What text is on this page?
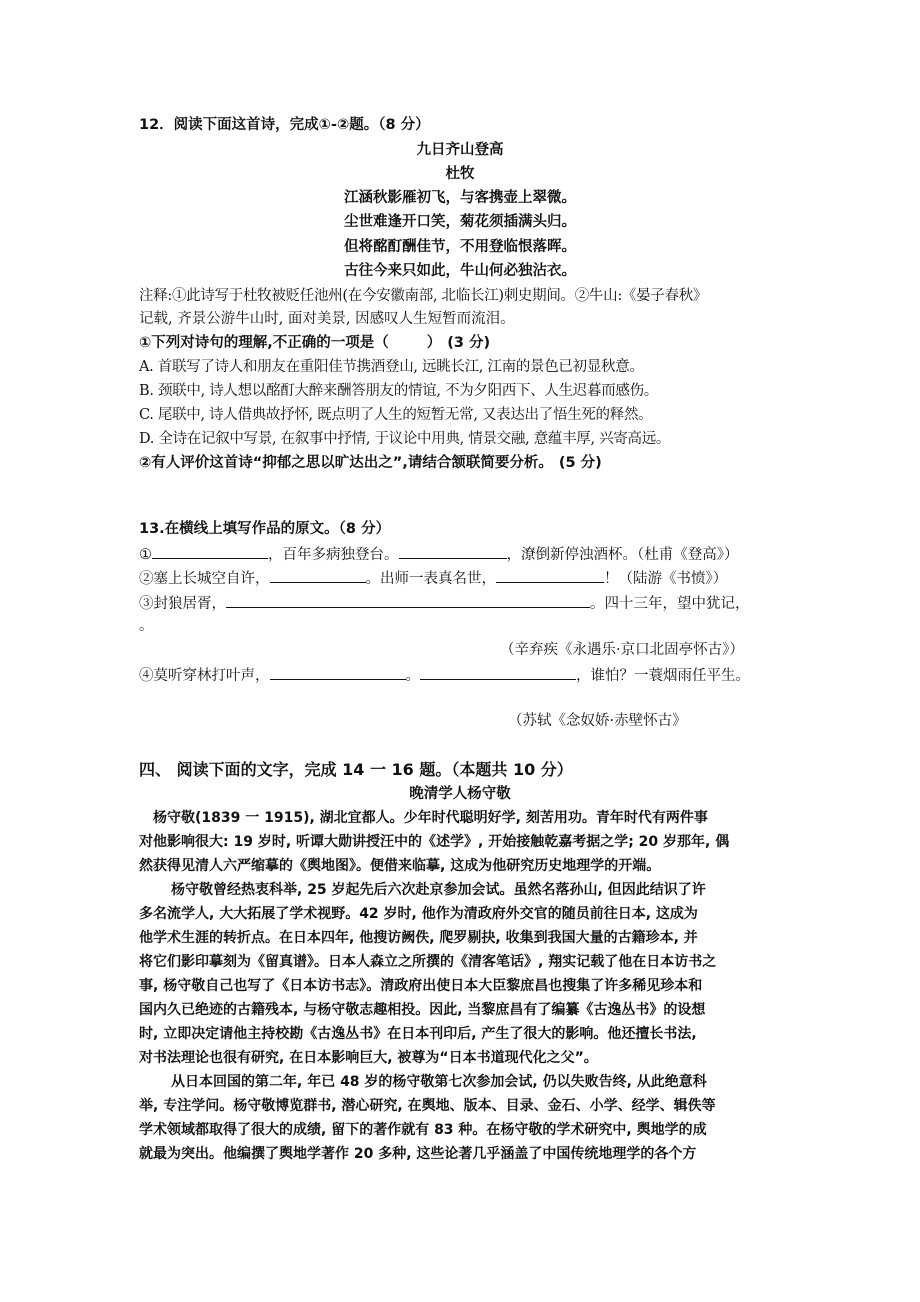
12．阅读下面这首诗，完成①-②题。（8 分）
九日齐山登高
杜牧
江涵秋影雁初飞，与客携壶上翠微。
尘世难逢开口笑，菊花须插满头归。
但将酩酊酬佳节，不用登临恨落晖。
古往今来只如此，牛山何必独沾衣。
注释:①此诗写于杜牧被贬任池州(在今安徽南部, 北临长江)刺史期间。②牛山:《晏子春秋》
记载, 齐景公游牛山时, 面对美景, 因感叹人生短暂而流泪。
①下列对诗句的理解,不正确的一项是（	） (3 分)
A. 首联写了诗人和朋友在重阳佳节携酒登山, 远眺长江, 江南的景色已初显秋意。
B. 颈联中, 诗人想以酩酊大醉来酬答朋友的情谊, 不为夕阳西下、人生迟暮而感伤。
C. 尾联中, 诗人借典故抒怀, 既点明了人生的短暂无常, 又表达出了悟生死的释然。
D. 全诗在记叙中写景, 在叙事中抒情, 于议论中用典, 情景交融, 意蕴丰厚, 兴寄高远。
②有人评价这首诗“抑郁之思以旷达出之”,请结合颔联简要分析。 (5 分)
13.在横线上填写作品的原文。（8 分）
①	，百年多病独登台。	，潦倒新停浊酒杯。（杜甫《登高》）
②塞上长城空自许，	。出师一表真名世，	！（陆游《书愤》）
③封狼居胥，	。四十三年，望中犹记，
。
（辛弃疾《永遇乐·京口北固亭怀古》）
④莫听穿林打叶声，	。	，谁怕？一蓑烟雨任平生。
（苏轼《念奴娇·赤壁怀古》
四、 阅读下面的文字，完成 14 一 16 题。（本题共 10 分）
晚清学人杨守敬
杨守敬(1839 一 1915), 湖北宜都人。少年时代聪明好学, 刻苦用功。青年时代有两件事
对他影响很大: 19 岁时, 听谭大勋讲授汪中的《述学》, 开始接触乾嘉考据之学; 20 岁那年, 偶
然获得见清人六严缩摹的《舆地图》。便借来临摹, 这成为他研究历史地理学的开端。
杨守敬曾经热衷科举, 25 岁起先后六次赴京参加会试。虽然名落孙山, 但因此结识了许
多名流学人, 大大拓展了学术视野。42 岁时, 他作为清政府外交官的随员前往日本, 这成为
他学术生涯的转折点。在日本四年, 他搜访阙佚, 爬罗剔抉, 收集到我国大量的古籍珍本, 并
将它们影印摹刻为《留真谱》。日本人森立之所撰的《清客笔话》, 翔实记载了他在日本访书之
事, 杨守敬自己也写了《日本访书志》。清政府出使日本大臣黎庶昌也搜集了许多稀见珍本和
国内久已绝迹的古籍残本, 与杨守敬志趣相投。因此, 当黎庶昌有了编纂《古逸丛书》的设想
时, 立即决定请他主持校勘《古逸丛书》在日本刊印后, 产生了很大的影响。他还擅长书法,
对书法理论也很有研究, 在日本影响巨大, 被尊为“日本书道现代化之父”。
从日本回国的第二年, 年已 48 岁的杨守敬第七次参加会试, 仍以失败告终, 从此绝意科
举, 专注学问。杨守敬博览群书, 潜心研究, 在舆地、版本、目录、金石、小学、经学、辑佚等
学术领域都取得了很大的成绩, 留下的著作就有 83 种。在杨守敬的学术研究中, 舆地学的成
就最为突出。他编撰了舆地学著作 20 多种, 这些论著几乎涵盖了中国传统地理学的各个方
